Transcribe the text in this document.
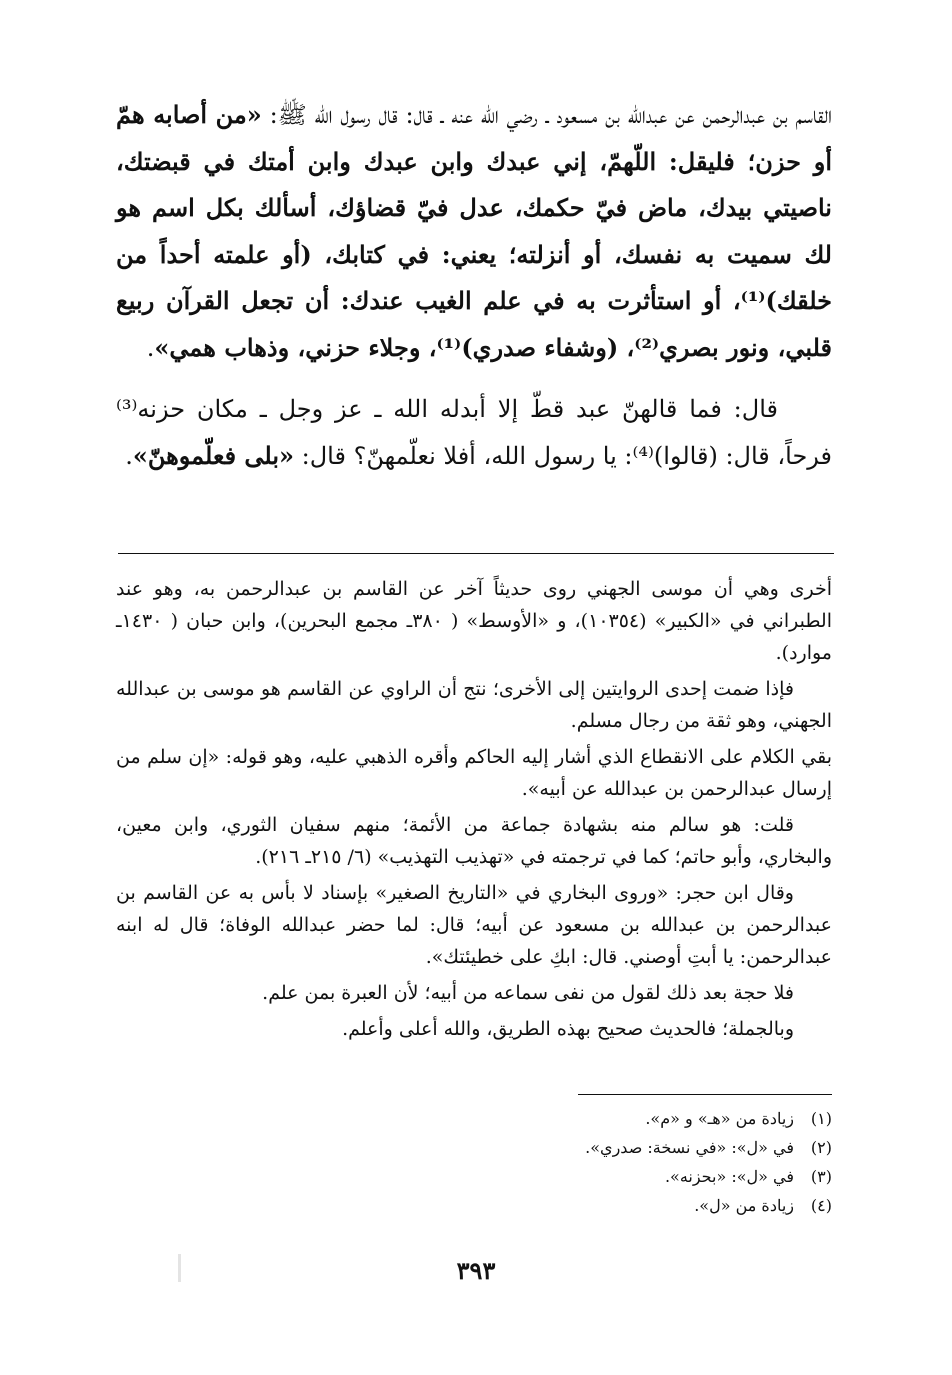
القاسم بن عبدالرحمن عن عبدالله بن مسعود ـ رضي الله عنه ـ قال: قال رسول الله ﷺ: «من أصابه همّ أو حزن؛ فليقل: اللّهمّ، إني عبدك وابن عبدك وابن أمتك في قبضتك، ناصيتي بيدك، ماض فيّ حكمك، عدل فيّ قضاؤك، أسألك بكل اسم هو لك سميت به نفسك، أو أنزلته؛ يعني: في كتابك، (أو علمته أحداً من خلقك)⁽¹⁾، أو استأثرت به في علم الغيب عندك: أن تجعل القرآن ربيع قلبي، ونور بصري⁽²⁾، (وشفاء صدري)⁽¹⁾، وجلاء حزني، وذهاب همي».

قال: فما قالهنّ عبد قطّ إلا أبدله الله ـ عز وجل ـ مكان حزنه⁽³⁾ فرحاً، قال: (قالوا)⁽⁴⁾: يا رسول الله، أفلا نعلّمهنّ؟ قال: «بلى فعلّموهنّ».

أخرى وهي أن موسى الجهني روى حديثاً آخر عن القاسم بن عبدالرحمن به، وهو عند الطبراني في «الكبير» (١٠٣٥٤)، و «الأوسط» ( ٣٨٠ـ مجمع البحرين)، وابن حبان ( ١٤٣٠ـ موارد).

فإذا ضمت إحدى الروايتين إلى الأخرى؛ نتج أن الراوي عن القاسم هو موسى بن عبدالله الجهني، وهو ثقة من رجال مسلم.

بقي الكلام على الانقطاع الذي أشار إليه الحاكم وأقره الذهبي عليه، وهو قوله: «إن سلم من إرسال عبدالرحمن بن عبدالله عن أبيه».

قلت: هو سالم منه بشهادة جماعة من الأئمة؛ منهم سفيان الثوري، وابن معين، والبخاري، وأبو حاتم؛ كما في ترجمته في «تهذيب التهذيب» (٦/ ٢١٥ـ ٢١٦).

وقال ابن حجر: «وروى البخاري في «التاريخ الصغير» بإسناد لا بأس به عن القاسم بن عبدالرحمن بن عبدالله بن مسعود عن أبيه؛ قال: لما حضر عبدالله الوفاة؛ قال له ابنه عبدالرحمن: يا أبتِ أوصني. قال: ابكِ على خطيئتك».

فلا حجة بعد ذلك لقول من نفى سماعه من أبيه؛ لأن العبرة بمن علم.

وبالجملة؛ فالحديث صحيح بهذه الطريق، والله أعلى وأعلم.

(١)زيادة من «هـ» و «م».
(٢)في «ل»: «في نسخة: صدري».
(٣)في «ل»: «بحزنه».
(٤)زيادة من «ل».
٣٩٣
